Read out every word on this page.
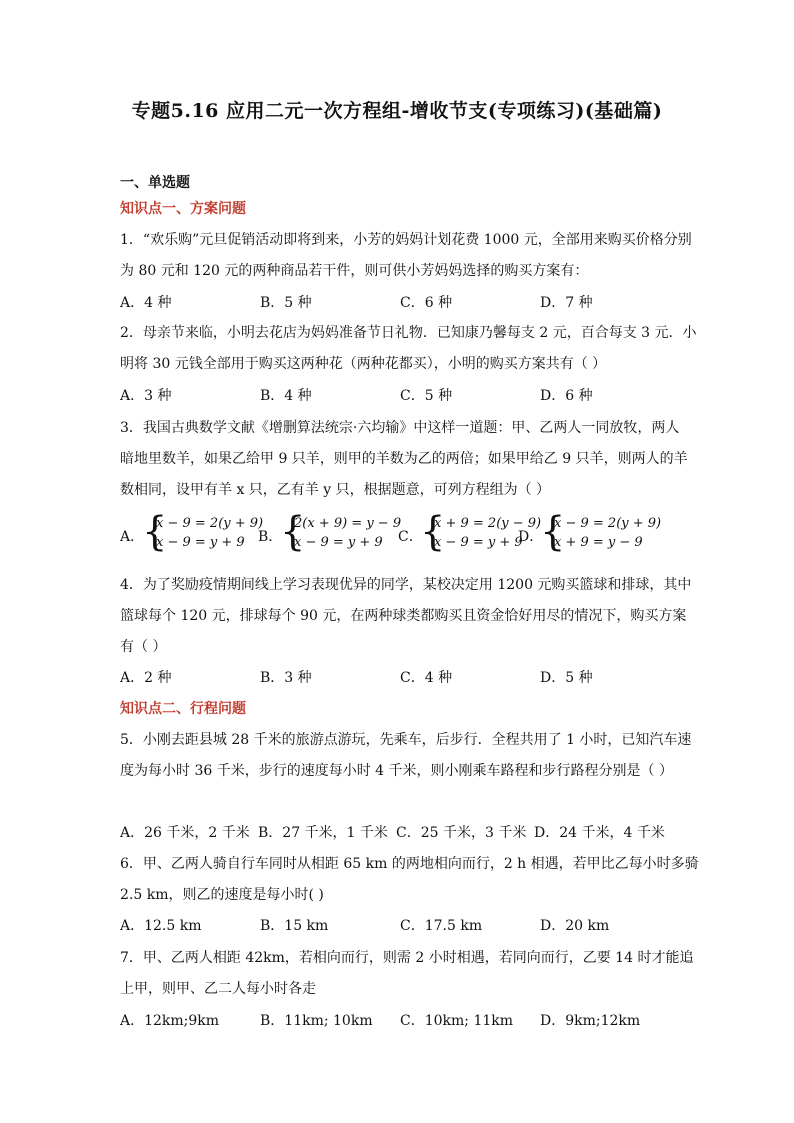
专题5.16 应用二元一次方程组-增收节支(专项练习)(基础篇)
一、单选题
知识点一、方案问题
1．“欢乐购”元旦促销活动即将到来，小芳的妈妈计划花费 1000 元，全部用来购买价格分别
为 80 元和 120 元的两种商品若干件，则可供小芳妈妈选择的购买方案有：
A．4 种	B．5 种	C．6 种	D．7 种
2．母亲节来临，小明去花店为妈妈准备节日礼物．已知康乃馨每支 2 元，百合每支 3 元．小
明将 30 元钱全部用于购买这两种花（两种花都买），小明的购买方案共有（ ）
A．3 种	B．4 种	C．5 种	D．6 种
3．我国古典数学文献《增删算法统宗·六均输》中这样一道题：甲、乙两人一同放牧，两人
暗地里数羊，如果乙给甲 9 只羊，则甲的羊数为乙的两倍；如果甲给乙 9 只羊，则两人的羊
数相同，设甲有羊 x 只，乙有羊 y 只，根据题意，可列方程组为（ ）
A．
{
x − 9 = 2(y + 9)
x − 9 = y + 9 B．
{
2(x + 9) = y − 9
x − 9 = y + 9	C．
{
x + 9 = 2(y − 9)
x − 9 = y + 9
D．
{
x − 9 = 2(y + 9)
x + 9 = y − 9
4．为了奖励疫情期间线上学习表现优异的同学，某校决定用 1200 元购买篮球和排球，其中
篮球每个 120 元，排球每个 90 元，在两种球类都购买且资金恰好用尽的情况下，购买方案
有（ ）
A．2 种	B．3 种	C．4 种	D．5 种
知识点二、行程问题
5．小刚去距县城 28 千米的旅游点游玩，先乘车，后步行．全程共用了 1 小时，已知汽车速
度为每小时 36 千米，步行的速度每小时 4 千米，则小刚乘车路程和步行路程分别是（ ）
A．26 千米，2 千米 B．27 千米，1 千米 C．25 千米，3 千米 D．24 千米，4 千米
6．甲、乙两人骑自行车同时从相距 65 km 的两地相向而行，2 h 相遇，若甲比乙每小时多骑
2.5 km，则乙的速度是每小时( )
A．12.5 km	B．15 km	C．17.5 km	D．20 km
7．甲、乙两人相距 42km，若相向而行，则需 2 小时相遇，若同向而行，乙要 14 时才能追
上甲，则甲、乙二人每小时各走
A．12km;9km	B．11km; 10km C．10km; 11km D．9km;12km
